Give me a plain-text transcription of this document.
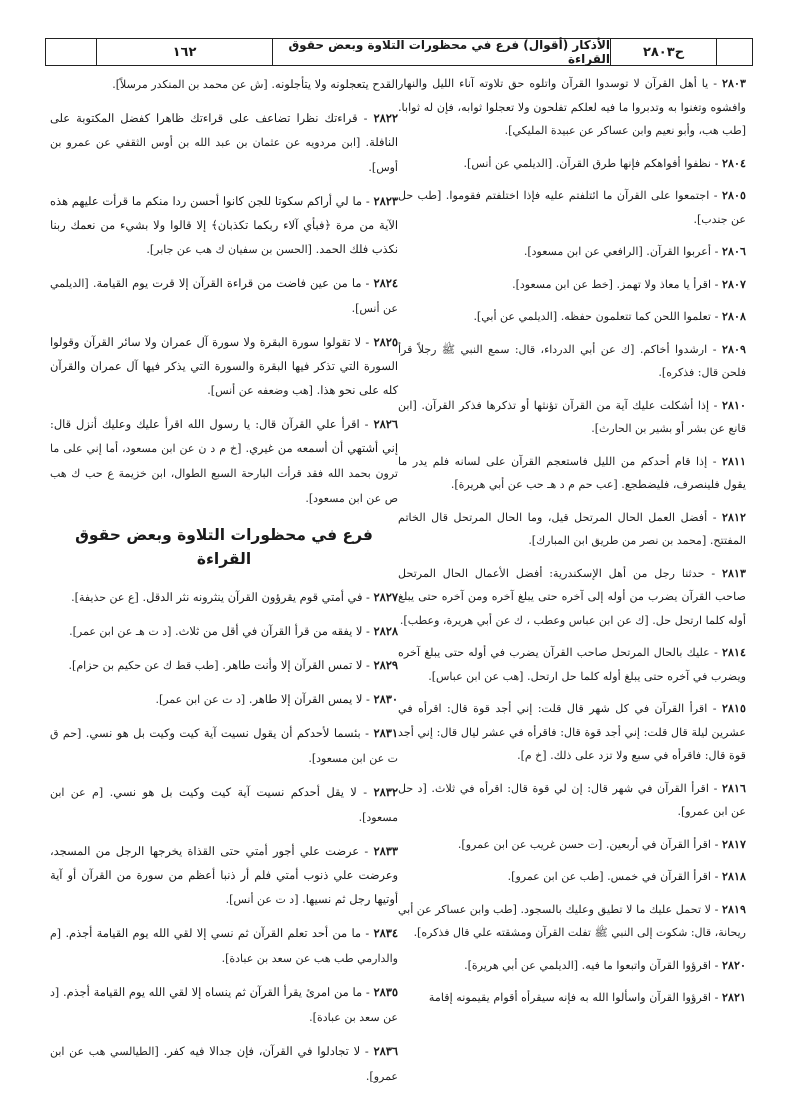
١٦٢	الأذكار (أقوال) فرع في محظورات التلاوة وبعض حقوق القراءة	ح٢٨٠٣

٢٨٠٣ - يا أهل القرآن لا توسدوا القرآن واتلوه حق تلاوته آناء الليل والنهار وافشوه وتغنوا به وتدبروا ما فيه لعلكم تفلحون ولا تعجلوا ثوابه، فإن له ثوابا. [طب هب، وأبو نعيم وابن عساكر عن عبيدة المليكي].

٢٨٠٤ - نظفوا أفواهكم فإنها طرق القرآن. [الديلمي عن أنس].

٢٨٠٥ - اجتمعوا على القرآن ما ائتلفتم عليه فإذا اختلفتم فقوموا. [طب حل عن جندب].

٢٨٠٦ - أعربوا القرآن. [الرافعي عن ابن مسعود].

٢٨٠٧ - اقرأ يا معاذ ولا تهمز. [خط عن ابن مسعود].

٢٨٠٨ - تعلموا اللحن كما تتعلمون حفظه. [الديلمي عن أبي].

٢٨٠٩ - ارشدوا أخاكم. [ك عن أبي الدرداء، قال: سمع النبي ﷺ رجلاً قرأ فلحن قال: فذكره].

٢٨١٠ - إذا أشكلت عليك آية من القرآن تؤنثها أو تذكرها فذكر القرآن. [ابن قانع عن بشر أو بشير بن الحارث].

٢٨١١ - إذا قام أحدكم من الليل فاستعجم القرآن على لسانه فلم يدر ما يقول فلينصرف، فليضطجع. [عب حم م د هـ حب عن أبي هريرة].

٢٨١٢ - أفضل العمل الحال المرتحل قيل، وما الحال المرتحل قال الخاتم المفتتح. [محمد بن نصر من طريق ابن المبارك].

٢٨١٣ - حدثنا رجل من أهل الإسكندرية: أفضل الأعمال الحال المرتحل صاحب القرآن يضرب من أوله إلى آخره حتى يبلغ آخره ومن آخره حتى يبلغ أوله كلما ارتحل حل. [ك عن ابن عباس وعطب ، ك عن أبي هريرة، وعطب].

٢٨١٤ - عليك بالحال المرتحل صاحب القرآن يضرب في أوله حتى يبلغ آخره ويضرب في آخره حتى يبلغ أوله كلما حل ارتحل. [هب عن ابن عباس].

٢٨١٥ - اقرأ القرآن في كل شهر قال قلت: إني أجد قوة قال: اقرأه في عشرين ليلة قال قلت: إني أجد قوة قال: فاقرأه في عشر ليال قال: إني أجد قوة قال: فاقرأه في سبع ولا تزد على ذلك. [خ م].

٢٨١٦ - اقرأ القرآن في شهر قال: إن لي قوة قال: اقرأه في ثلاث. [د حل عن ابن عمرو].

٢٨١٧ - اقرأ القرآن في أربعين. [ت حسن غريب عن ابن عمرو].

٢٨١٨ - اقرأ القرآن في خمس. [طب عن ابن عمرو].

٢٨١٩ - لا تحمل عليك ما لا تطيق وعليك بالسجود. [طب وابن عساكر عن أبي ريحانة، قال: شكوت إلى النبي ﷺ تفلت القرآن ومشقته علي قال فذكره].

٢٨٢٠ - اقرؤوا القرآن واتبعوا ما فيه. [الديلمي عن أبي هريرة].

٢٨٢١ - اقرؤوا القرآن واسألوا الله به فإنه سيقرأه أقوام يقيمونه إقامة

القدح يتعجلونه ولا يتأجلونه. [ش عن محمد بن المنكدر مرسلاً].

٢٨٢٢ - قراءتك نظرا تضاعف على قراءتك ظاهرا كفضل المكتوبة على النافلة. [ابن مردويه عن عثمان بن عبد الله بن أوس الثقفي عن عمرو بن أوس].

٢٨٢٣ - ما لي أراكم سكوتا للجن كانوا أحسن ردا منكم ما قرأت عليهم هذه الآية من مرة ﴿فبأي آلاء ربكما تكذبان﴾ إلا قالوا ولا بشيء من نعمك ربنا نكذب فلك الحمد. [الحسن بن سفيان ك هب عن جابر].

٢٨٢٤ - ما من عين فاضت من قراءة القرآن إلا قرت يوم القيامة. [الديلمي عن أنس].

٢٨٢٥ - لا تقولوا سورة البقرة ولا سورة آل عمران ولا سائر القرآن وقولوا السورة التي تذكر فيها البقرة والسورة التي يذكر فيها آل عمران والقرآن كله على نحو هذا. [هب وضعفه عن أنس].

٢٨٢٦ - اقرأ علي القرآن قال: يا رسول الله اقرأ عليك وعليك أنزل قال: إني أشتهي أن أسمعه من غيري. [خ م د ن عن ابن مسعود، أما إني على ما ترون بحمد الله فقد قرأت البارحة السبع الطوال، ابن خزيمة ع حب ك هب ص عن ابن مسعود].

فرع في محظورات التلاوة وبعض حقوق القراءة

٢٨٢٧ - في أمتي قوم يقرؤون القرآن ينثرونه نثر الدقل. [ع عن حذيفة].

٢٨٢٨ - لا يفقه من قرأ القرآن في أقل من ثلاث. [د ت هـ عن ابن عمر].

٢٨٢٩ - لا تمس القرآن إلا وأنت طاهر. [طب قط ك عن حكيم بن حزام].

٢٨٣٠ - لا يمس القرآن إلا طاهر. [د ت عن ابن عمر].

٢٨٣١ - بئسما لأحدكم أن يقول نسيت آية كيت وكيت بل هو نسي. [حم ق ت عن ابن مسعود].

٢٨٣٢ - لا يقل أحدكم نسيت آية كيت وكيت بل هو نسي. [م عن ابن مسعود].

٢٨٣٣ - عرضت علي أجور أمتي حتى القذاة يخرجها الرجل من المسجد، وعرضت علي ذنوب أمتي فلم أر ذنبا أعظم من سورة من القرآن أو آية أوتيها رجل ثم نسيها. [د ت عن أنس].

٢٨٣٤ - ما من أحد تعلم القرآن ثم نسي إلا لقي الله يوم القيامة أجذم. [م والدارمي طب هب عن سعد بن عبادة].

٢٨٣٥ - ما من امرئ يقرأ القرآن ثم ينساه إلا لقي الله يوم القيامة أجذم. [د عن سعد بن عبادة].

٢٨٣٦ - لا تجادلوا في القرآن، فإن جدالا فيه كفر. [الطيالسي هب عن ابن عمرو].
